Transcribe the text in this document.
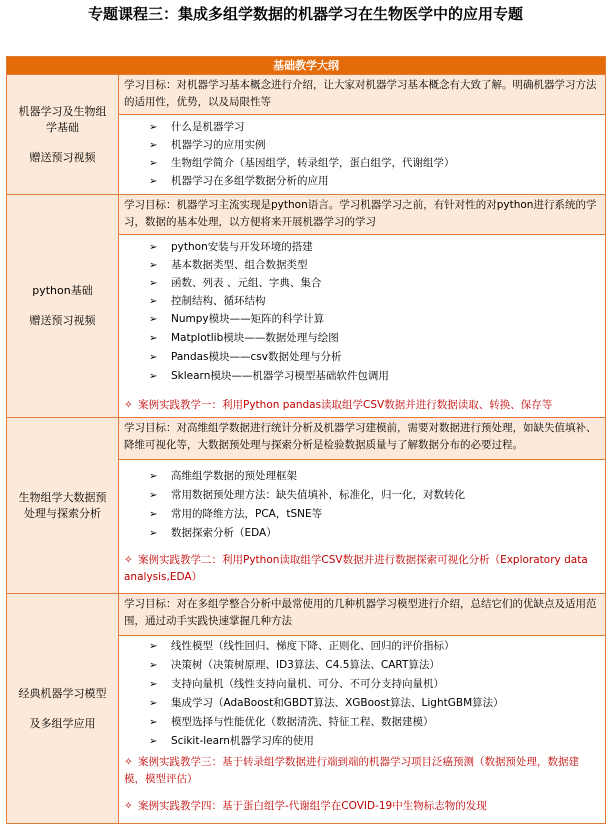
专题课程三：集成多组学数据的机器学习在生物医学中的应用专题
基础教学大纲
机器学习及生物组学基础
赠送预习视频
学习目标：对机器学习基本概念进行介绍，让大家对机器学习基本概念有大致了解。明确机器学习方法的适用性，优势，以及局限性等
➢ 什么是机器学习
➢ 机器学习的应用实例
➢ 生物组学简介（基因组学，转录组学，蛋白组学，代谢组学）
➢ 机器学习在多组学数据分析的应用
python基础
赠送预习视频
学习目标：机器学习主流实现是python语言。学习机器学习之前，有针对性的对python进行系统的学习，数据的基本处理，以方便将来开展机器学习的学习
➢ python安装与开发环境的搭建
➢ 基本数据类型、组合数据类型
➢ 函数、列表 、元组、字典、集合
➢ 控制结构、循环结构
➢ Numpy模块——矩阵的科学计算
➢ Matplotlib模块——数据处理与绘图
➢ Pandas模块——csv数据处理与分析
➢ Sklearn模块——机器学习模型基础软件包调用
✧ 案例实践教学一：利用Python pandas读取组学CSV数据并进行数据读取、转换、保存等
生物组学大数据预处理与探索分析
学习目标：对高维组学数据进行统计分析及机器学习建模前，需要对数据进行预处理，如缺失值填补、降维可视化等，大数据预处理与探索分析是检验数据质量与了解数据分布的必要过程。
➢ 高维组学数据的预处理框架
➢ 常用数据预处理方法：缺失值填补，标准化，归一化，对数转化
➢ 常用的降维方法，PCA，tSNE等
➢ 数据探索分析（EDA）
✧ 案例实践教学二：利用Python读取组学CSV数据并进行数据探索可视化分析（Exploratory data analysis,EDA）
经典机器学习模型
及多组学应用
学习目标：对在多组学整合分析中最常使用的几种机器学习模型进行介绍，总结它们的优缺点及适用范围，通过动手实践快速掌握几种方法
➢ 线性模型（线性回归、梯度下降、正则化、回归的评价指标）
➢ 决策树（决策树原理、ID3算法、C4.5算法、CART算法）
➢ 支持向量机（线性支持向量机、可分、不可分支持向量机）
➢ 集成学习（AdaBoost和GBDT算法、XGBoost算法、LightGBM算法）
➢ 模型选择与性能优化（数据清洗、特征工程、数据建模）
➢ Scikit-learn机器学习库的使用
✧ 案例实践教学三：基于转录组学数据进行端到端的机器学习项目泛癌预测（数据预处理，数据建模，模型评估）
✧ 案例实践教学四：基于蛋白组学-代谢组学在COVID-19中生物标志物的发现
